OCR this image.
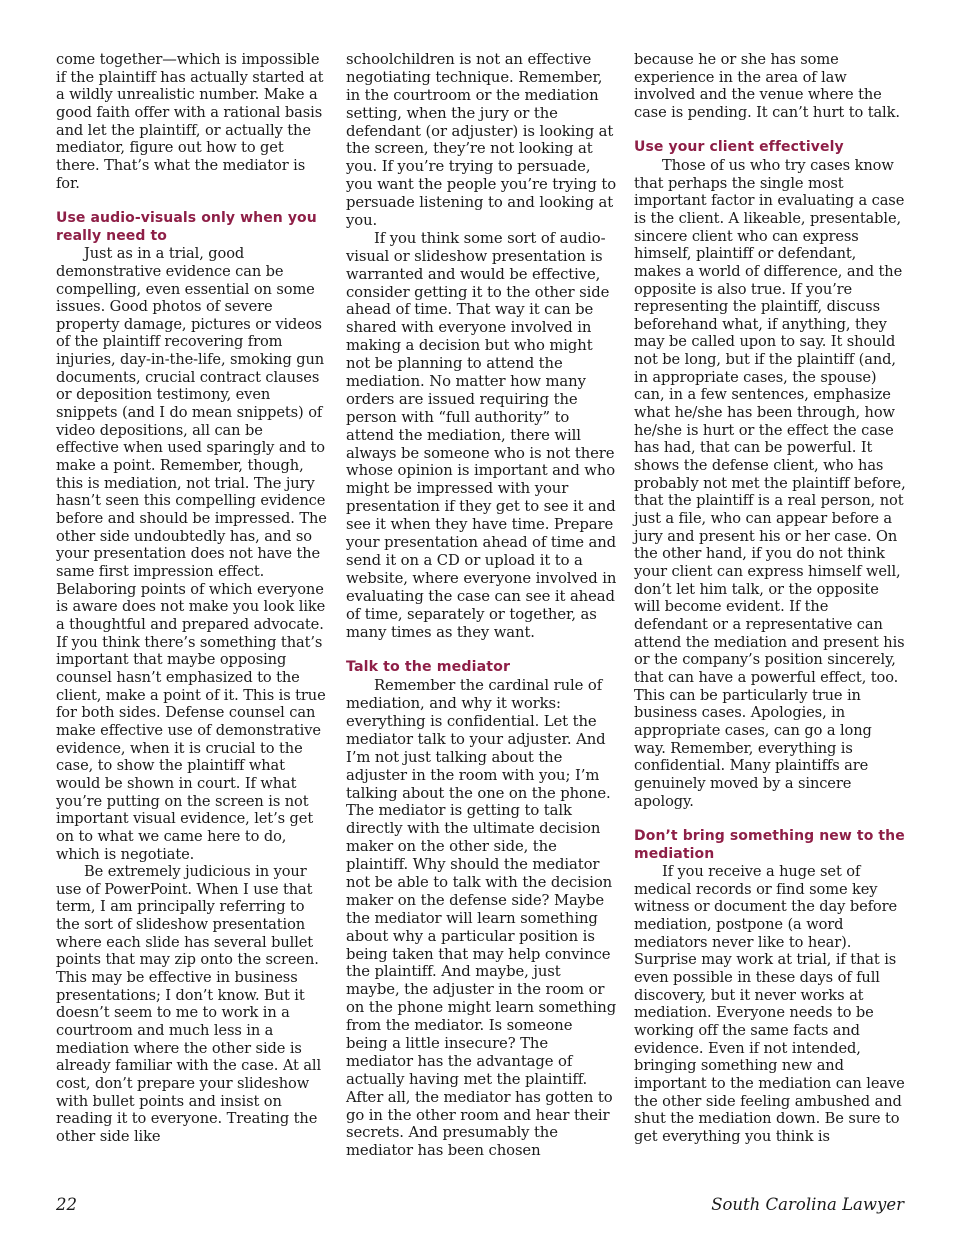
come together—which is impossible if the plaintiff has actually started at a wildly unrealistic number. Make a good faith offer with a rational basis and let the plaintiff, or actually the mediator, figure out how to get there. That’s what the mediator is for.

Use audio-visuals only when you really need to

Just as in a trial, good demonstrative evidence can be compelling, even essential on some issues. Good photos of severe property damage, pictures or videos of the plaintiff recovering from injuries, day-in-the-life, smoking gun documents, crucial contract clauses or deposition testimony, even snippets (and I do mean snippets) of video depositions, all can be effective when used sparingly and to make a point. Remember, though, this is mediation, not trial. The jury hasn’t seen this compelling evidence before and should be impressed. The other side undoubtedly has, and so your presentation does not have the same first impression effect. Belaboring points of which everyone is aware does not make you look like a thoughtful and prepared advocate. If you think there’s something that’s important that maybe opposing counsel hasn’t emphasized to the client, make a point of it. This is true for both sides. Defense counsel can make effective use of demonstrative evidence, when it is crucial to the case, to show the plaintiff what would be shown in court. If what you’re putting on the screen is not important visual evidence, let’s get on to what we came here to do, which is negotiate.

Be extremely judicious in your use of PowerPoint. When I use that term, I am principally referring to the sort of slideshow presentation where each slide has several bullet points that may zip onto the screen. This may be effective in business presentations; I don’t know. But it doesn’t seem to me to work in a courtroom and much less in a mediation where the other side is already familiar with the case. At all cost, don’t prepare your slideshow with bullet points and insist on reading it to everyone. Treating the other side like

schoolchildren is not an effective negotiating technique. Remember, in the courtroom or the mediation setting, when the jury or the defendant (or adjuster) is looking at the screen, they’re not looking at you. If you’re trying to persuade, you want the people you’re trying to persuade listening to and looking at you.

If you think some sort of audio-visual or slideshow presentation is warranted and would be effective, consider getting it to the other side ahead of time. That way it can be shared with everyone involved in making a decision but who might not be planning to attend the mediation. No matter how many orders are issued requiring the person with “full authority” to attend the mediation, there will always be someone who is not there whose opinion is important and who might be impressed with your presentation if they get to see it and see it when they have time. Prepare your presentation ahead of time and send it on a CD or upload it to a website, where everyone involved in evaluating the case can see it ahead of time, separately or together, as many times as they want.

Talk to the mediator

Remember the cardinal rule of mediation, and why it works: everything is confidential. Let the mediator talk to your adjuster. And I’m not just talking about the adjuster in the room with you; I’m talking about the one on the phone. The mediator is getting to talk directly with the ultimate decision maker on the other side, the plaintiff. Why should the mediator not be able to talk with the decision maker on the defense side? Maybe the mediator will learn something about why a particular position is being taken that may help convince the plaintiff. And maybe, just maybe, the adjuster in the room or on the phone might learn something from the mediator. Is someone being a little insecure? The mediator has the advantage of actually having met the plaintiff. After all, the mediator has gotten to go in the other room and hear their secrets. And presumably the mediator has been chosen

because he or she has some experience in the area of law involved and the venue where the case is pending. It can’t hurt to talk.

Use your client effectively

Those of us who try cases know that perhaps the single most important factor in evaluating a case is the client. A likeable, presentable, sincere client who can express himself, plaintiff or defendant, makes a world of difference, and the opposite is also true. If you’re representing the plaintiff, discuss beforehand what, if anything, they may be called upon to say. It should not be long, but if the plaintiff (and, in appropriate cases, the spouse) can, in a few sentences, emphasize what he/she has been through, how he/she is hurt or the effect the case has had, that can be powerful. It shows the defense client, who has probably not met the plaintiff before, that the plaintiff is a real person, not just a file, who can appear before a jury and present his or her case. On the other hand, if you do not think your client can express himself well, don’t let him talk, or the opposite will become evident. If the defendant or a representative can attend the mediation and present his or the company’s position sincerely, that can have a powerful effect, too. This can be particularly true in business cases. Apologies, in appropriate cases, can go a long way. Remember, everything is confidential. Many plaintiffs are genuinely moved by a sincere apology.

Don’t bring something new to the mediation

If you receive a huge set of medical records or find some key witness or document the day before mediation, postpone (a word mediators never like to hear). Surprise may work at trial, if that is even possible in these days of full discovery, but it never works at mediation. Everyone needs to be working off the same facts and evidence. Even if not intended, bringing something new and important to the mediation can leave the other side feeling ambushed and shut the mediation down. Be sure to get everything you think is

22	South Carolina Lawyer
